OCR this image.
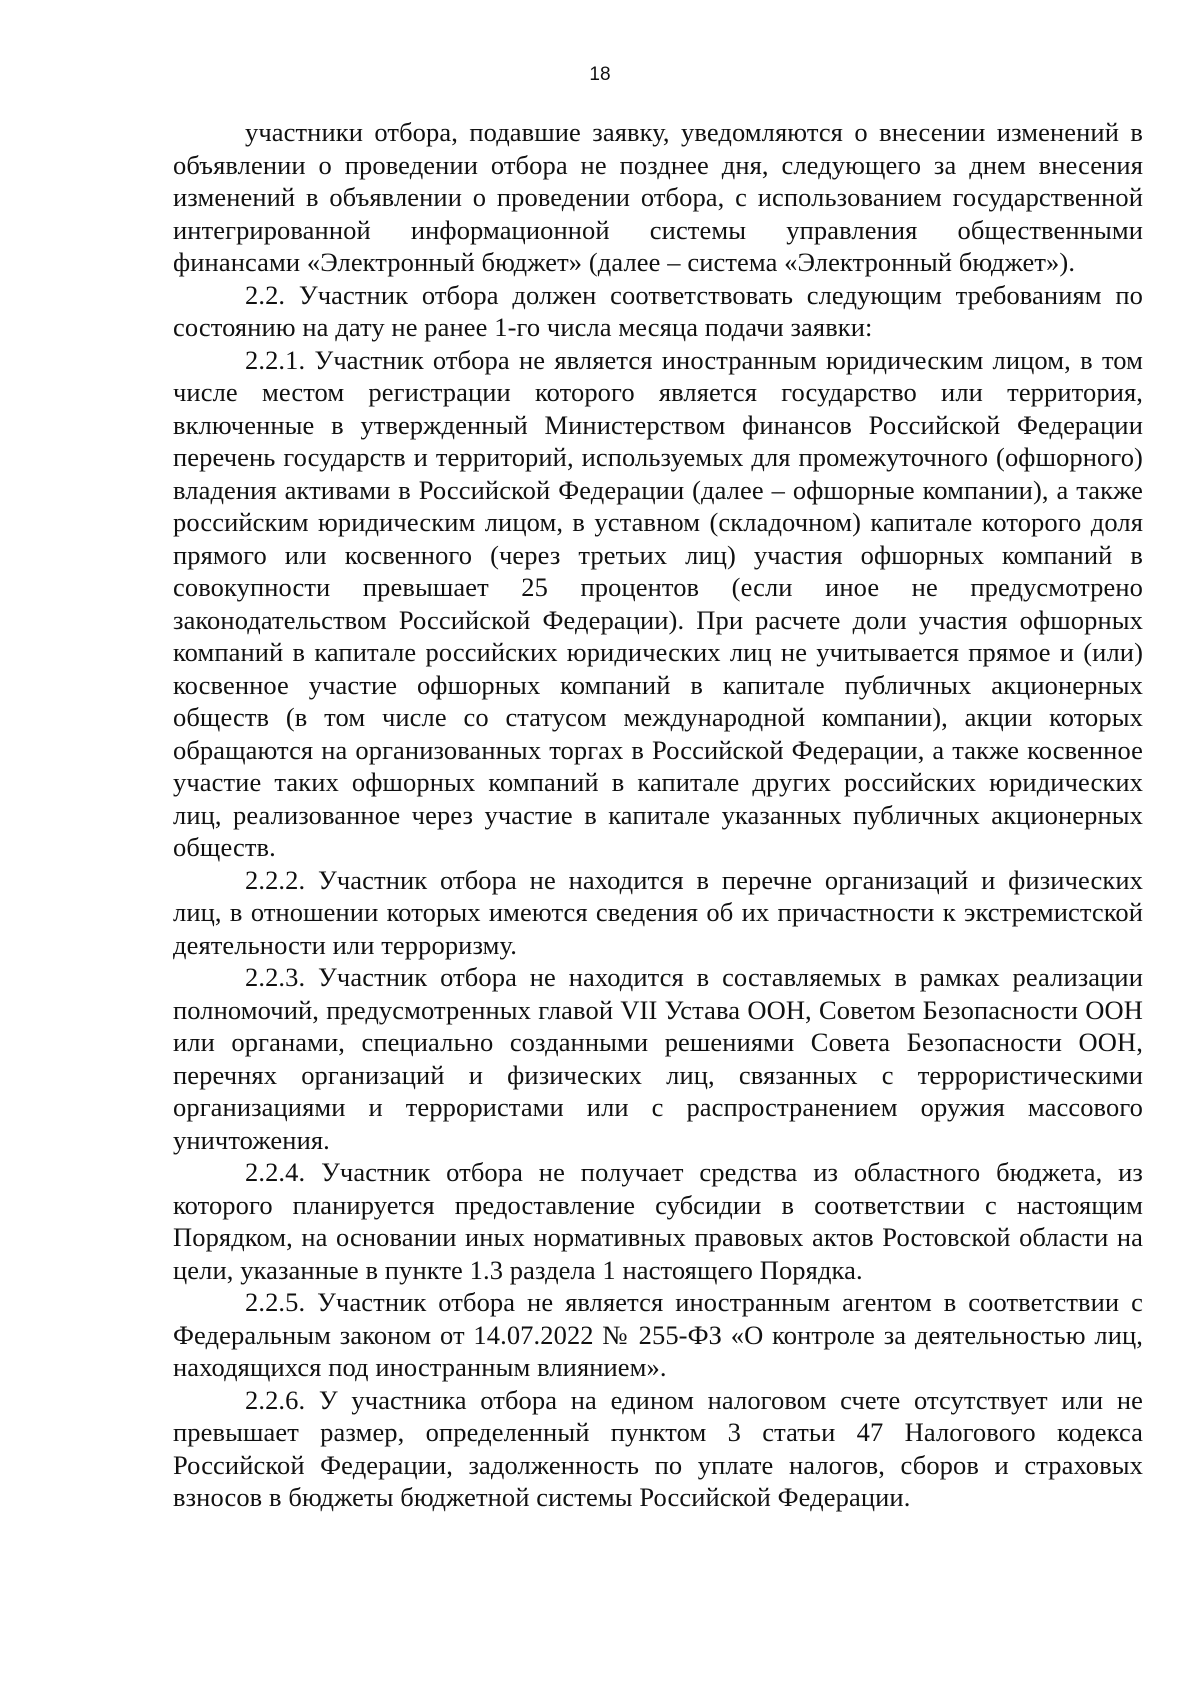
18

участники отбора, подавшие заявку, уведомляются о внесении изменений в объявлении о проведении отбора не позднее дня, следующего за днем внесения изменений в объявлении о проведении отбора, с использованием государственной интегрированной информационной системы управления общественными финансами «Электронный бюджет» (далее – система «Электронный бюджет»).

2.2. Участник отбора должен соответствовать следующим требованиям по состоянию на дату не ранее 1-го числа месяца подачи заявки:

2.2.1. Участник отбора не является иностранным юридическим лицом, в том числе местом регистрации которого является государство или территория, включенные в утвержденный Министерством финансов Российской Федерации перечень государств и территорий, используемых для промежуточного (офшорного) владения активами в Российской Федерации (далее – офшорные компании), а также российским юридическим лицом, в уставном (складочном) капитале которого доля прямого или косвенного (через третьих лиц) участия офшорных компаний в совокупности превышает 25 процентов (если иное не предусмотрено законодательством Российской Федерации). При расчете доли участия офшорных компаний в капитале российских юридических лиц не учитывается прямое и (или) косвенное участие офшорных компаний в капитале публичных акционерных обществ (в том числе со статусом международной компании), акции которых обращаются на организованных торгах в Российской Федерации, а также косвенное участие таких офшорных компаний в капитале других российских юридических лиц, реализованное через участие в капитале указанных публичных акционерных обществ.

2.2.2. Участник отбора не находится в перечне организаций и физических лиц, в отношении которых имеются сведения об их причастности к экстремистской деятельности или терроризму.

2.2.3. Участник отбора не находится в составляемых в рамках реализации полномочий, предусмотренных главой VII Устава ООН, Советом Безопасности ООН или органами, специально созданными решениями Совета Безопасности ООН, перечнях организаций и физических лиц, связанных с террористическими организациями и террористами или с распространением оружия массового уничтожения.

2.2.4. Участник отбора не получает средства из областного бюджета, из которого планируется предоставление субсидии в соответствии с настоящим Порядком, на основании иных нормативных правовых актов Ростовской области на цели, указанные в пункте 1.3 раздела 1 настоящего Порядка.

2.2.5. Участник отбора не является иностранным агентом в соответствии с Федеральным законом от 14.07.2022 № 255-ФЗ «О контроле за деятельностью лиц, находящихся под иностранным влиянием».

2.2.6. У участника отбора на едином налоговом счете отсутствует или не превышает размер, определенный пунктом 3 статьи 47 Налогового кодекса Российской Федерации, задолженность по уплате налогов, сборов и страховых взносов в бюджеты бюджетной системы Российской Федерации.
